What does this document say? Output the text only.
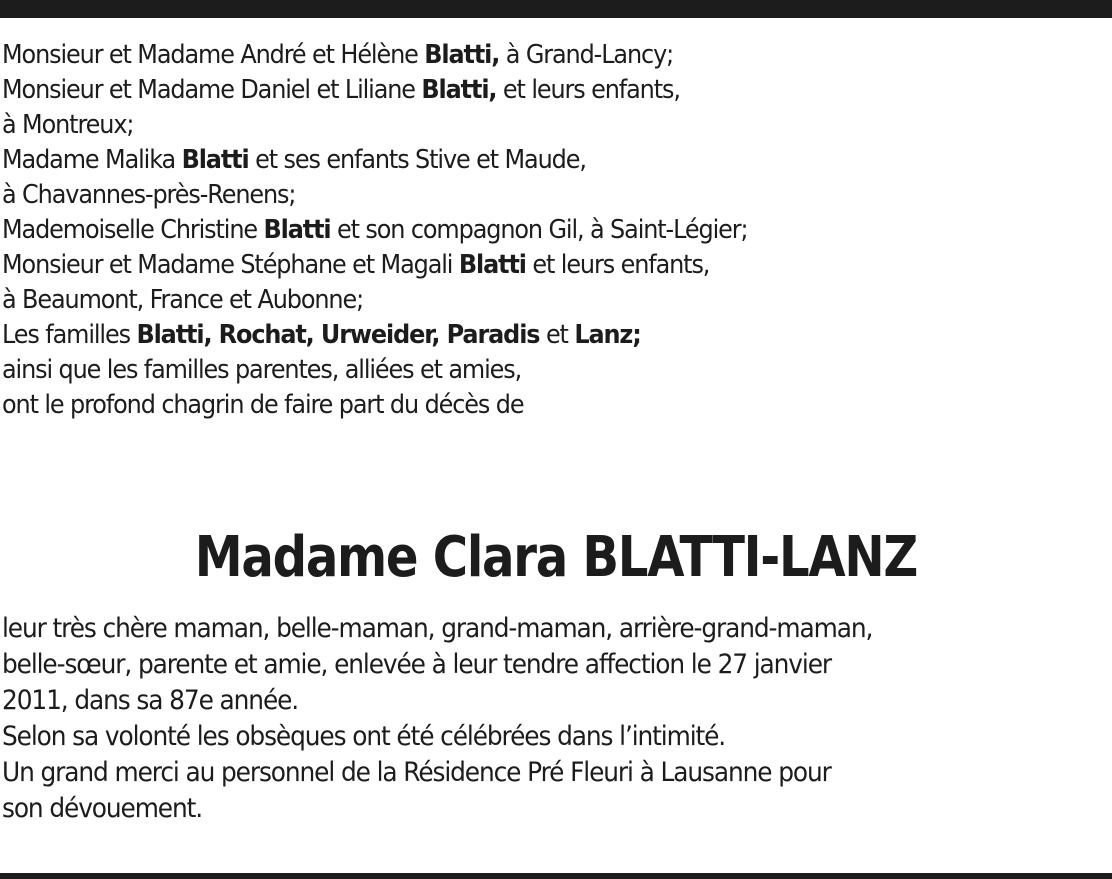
Monsieur et Madame André et Hélène Blatti, à Grand-Lancy;
Monsieur et Madame Daniel et Liliane Blatti, et leurs enfants,
à Montreux;
Madame Malika Blatti et ses enfants Stive et Maude,
à Chavannes-près-Renens;
Mademoiselle Christine Blatti et son compagnon Gil, à Saint-Légier;
Monsieur et Madame Stéphane et Magali Blatti et leurs enfants,
à Beaumont, France et Aubonne;
Les familles Blatti, Rochat, Urweider, Paradis et Lanz;
ainsi que les familles parentes, alliées et amies,
ont le profond chagrin de faire part du décès de
Madame Clara BLATTI-LANZ
leur très chère maman, belle-maman, grand-maman, arrière-grand-maman,
belle-sœur, parente et amie, enlevée à leur tendre affection le 27 janvier
2011, dans sa 87e année.
Selon sa volonté les obsèques ont été célébrées dans l’intimité.
Un grand merci au personnel de la Résidence Pré Fleuri à Lausanne pour
son dévouement.
